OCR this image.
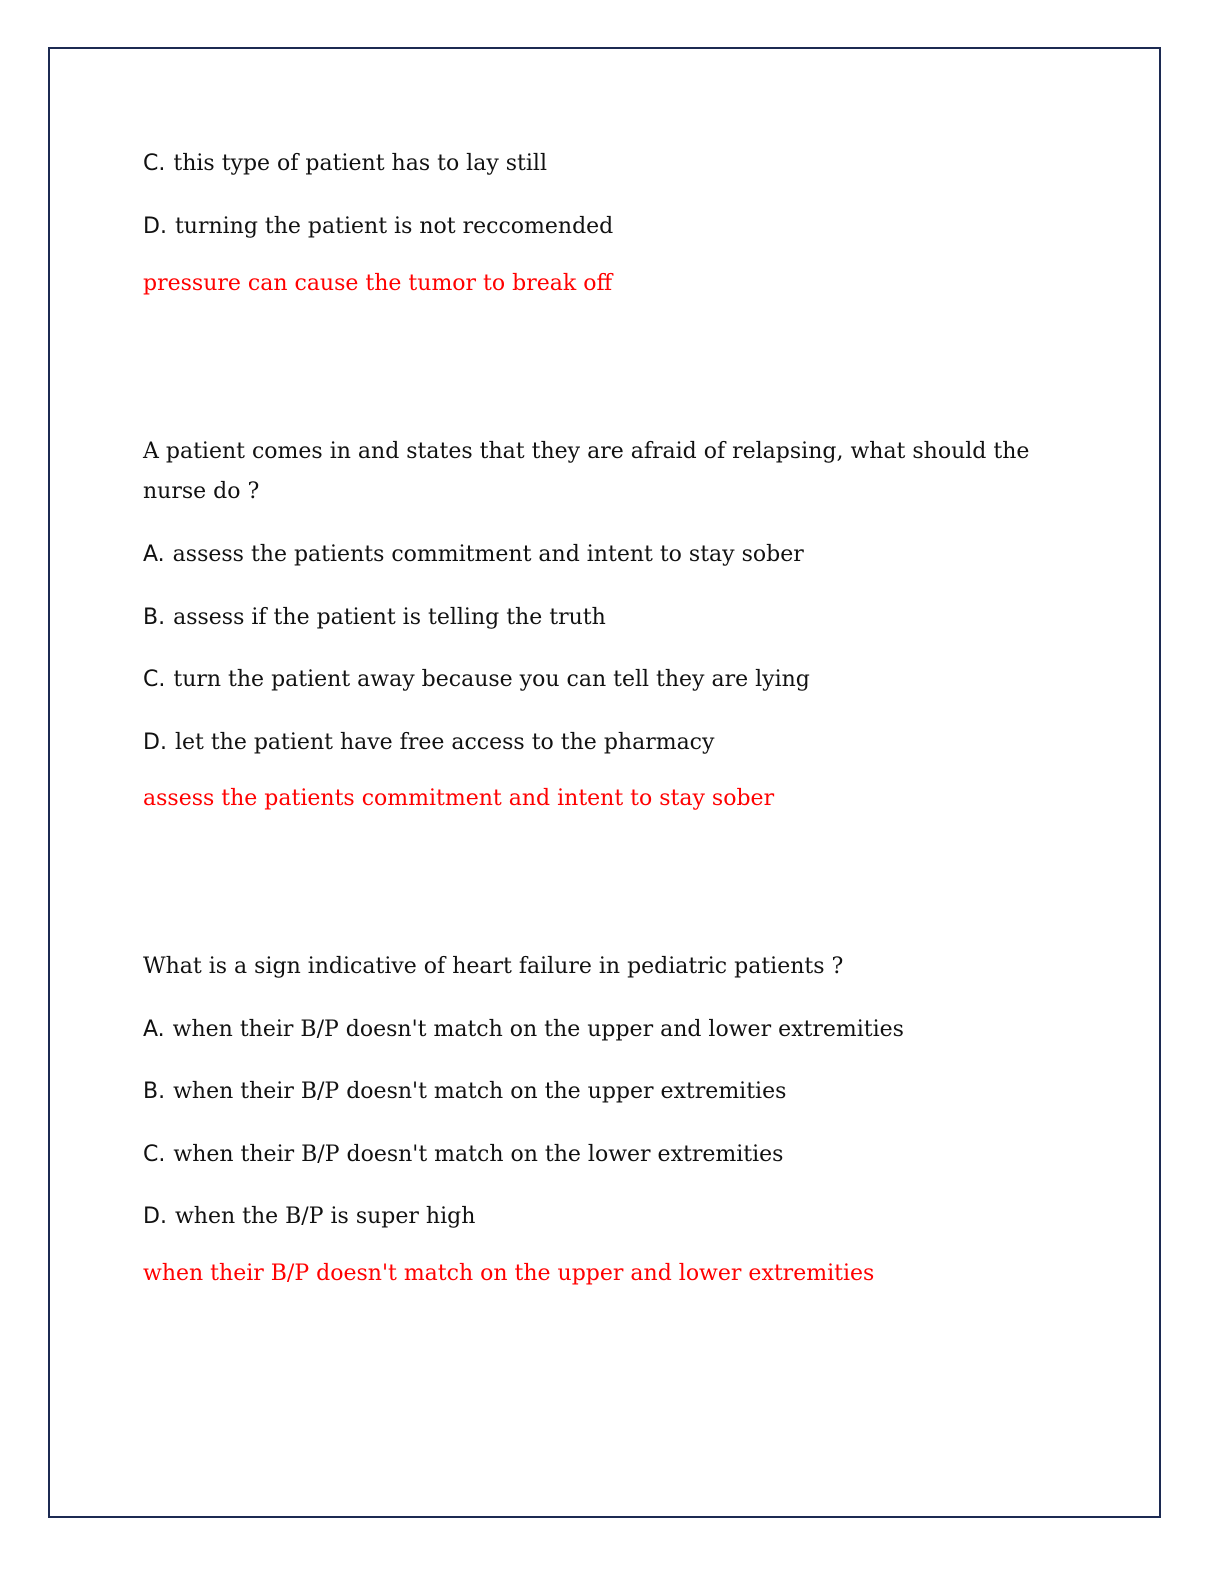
C. this type of patient has to lay still

D. turning the patient is not reccomended

pressure can cause the tumor to break off

A patient comes in and states that they are afraid of relapsing, what should the nurse do ?

A. assess the patients commitment and intent to stay sober

B. assess if the patient is telling the truth

C. turn the patient away because you can tell they are lying

D. let the patient have free access to the pharmacy

assess the patients commitment and intent to stay sober

What is a sign indicative of heart failure in pediatric patients ?

A. when their B/P doesn't match on the upper and lower extremities

B. when their B/P doesn't match on the upper extremities

C. when their B/P doesn't match on the lower extremities

D. when the B/P is super high

when their B/P doesn't match on the upper and lower extremities
